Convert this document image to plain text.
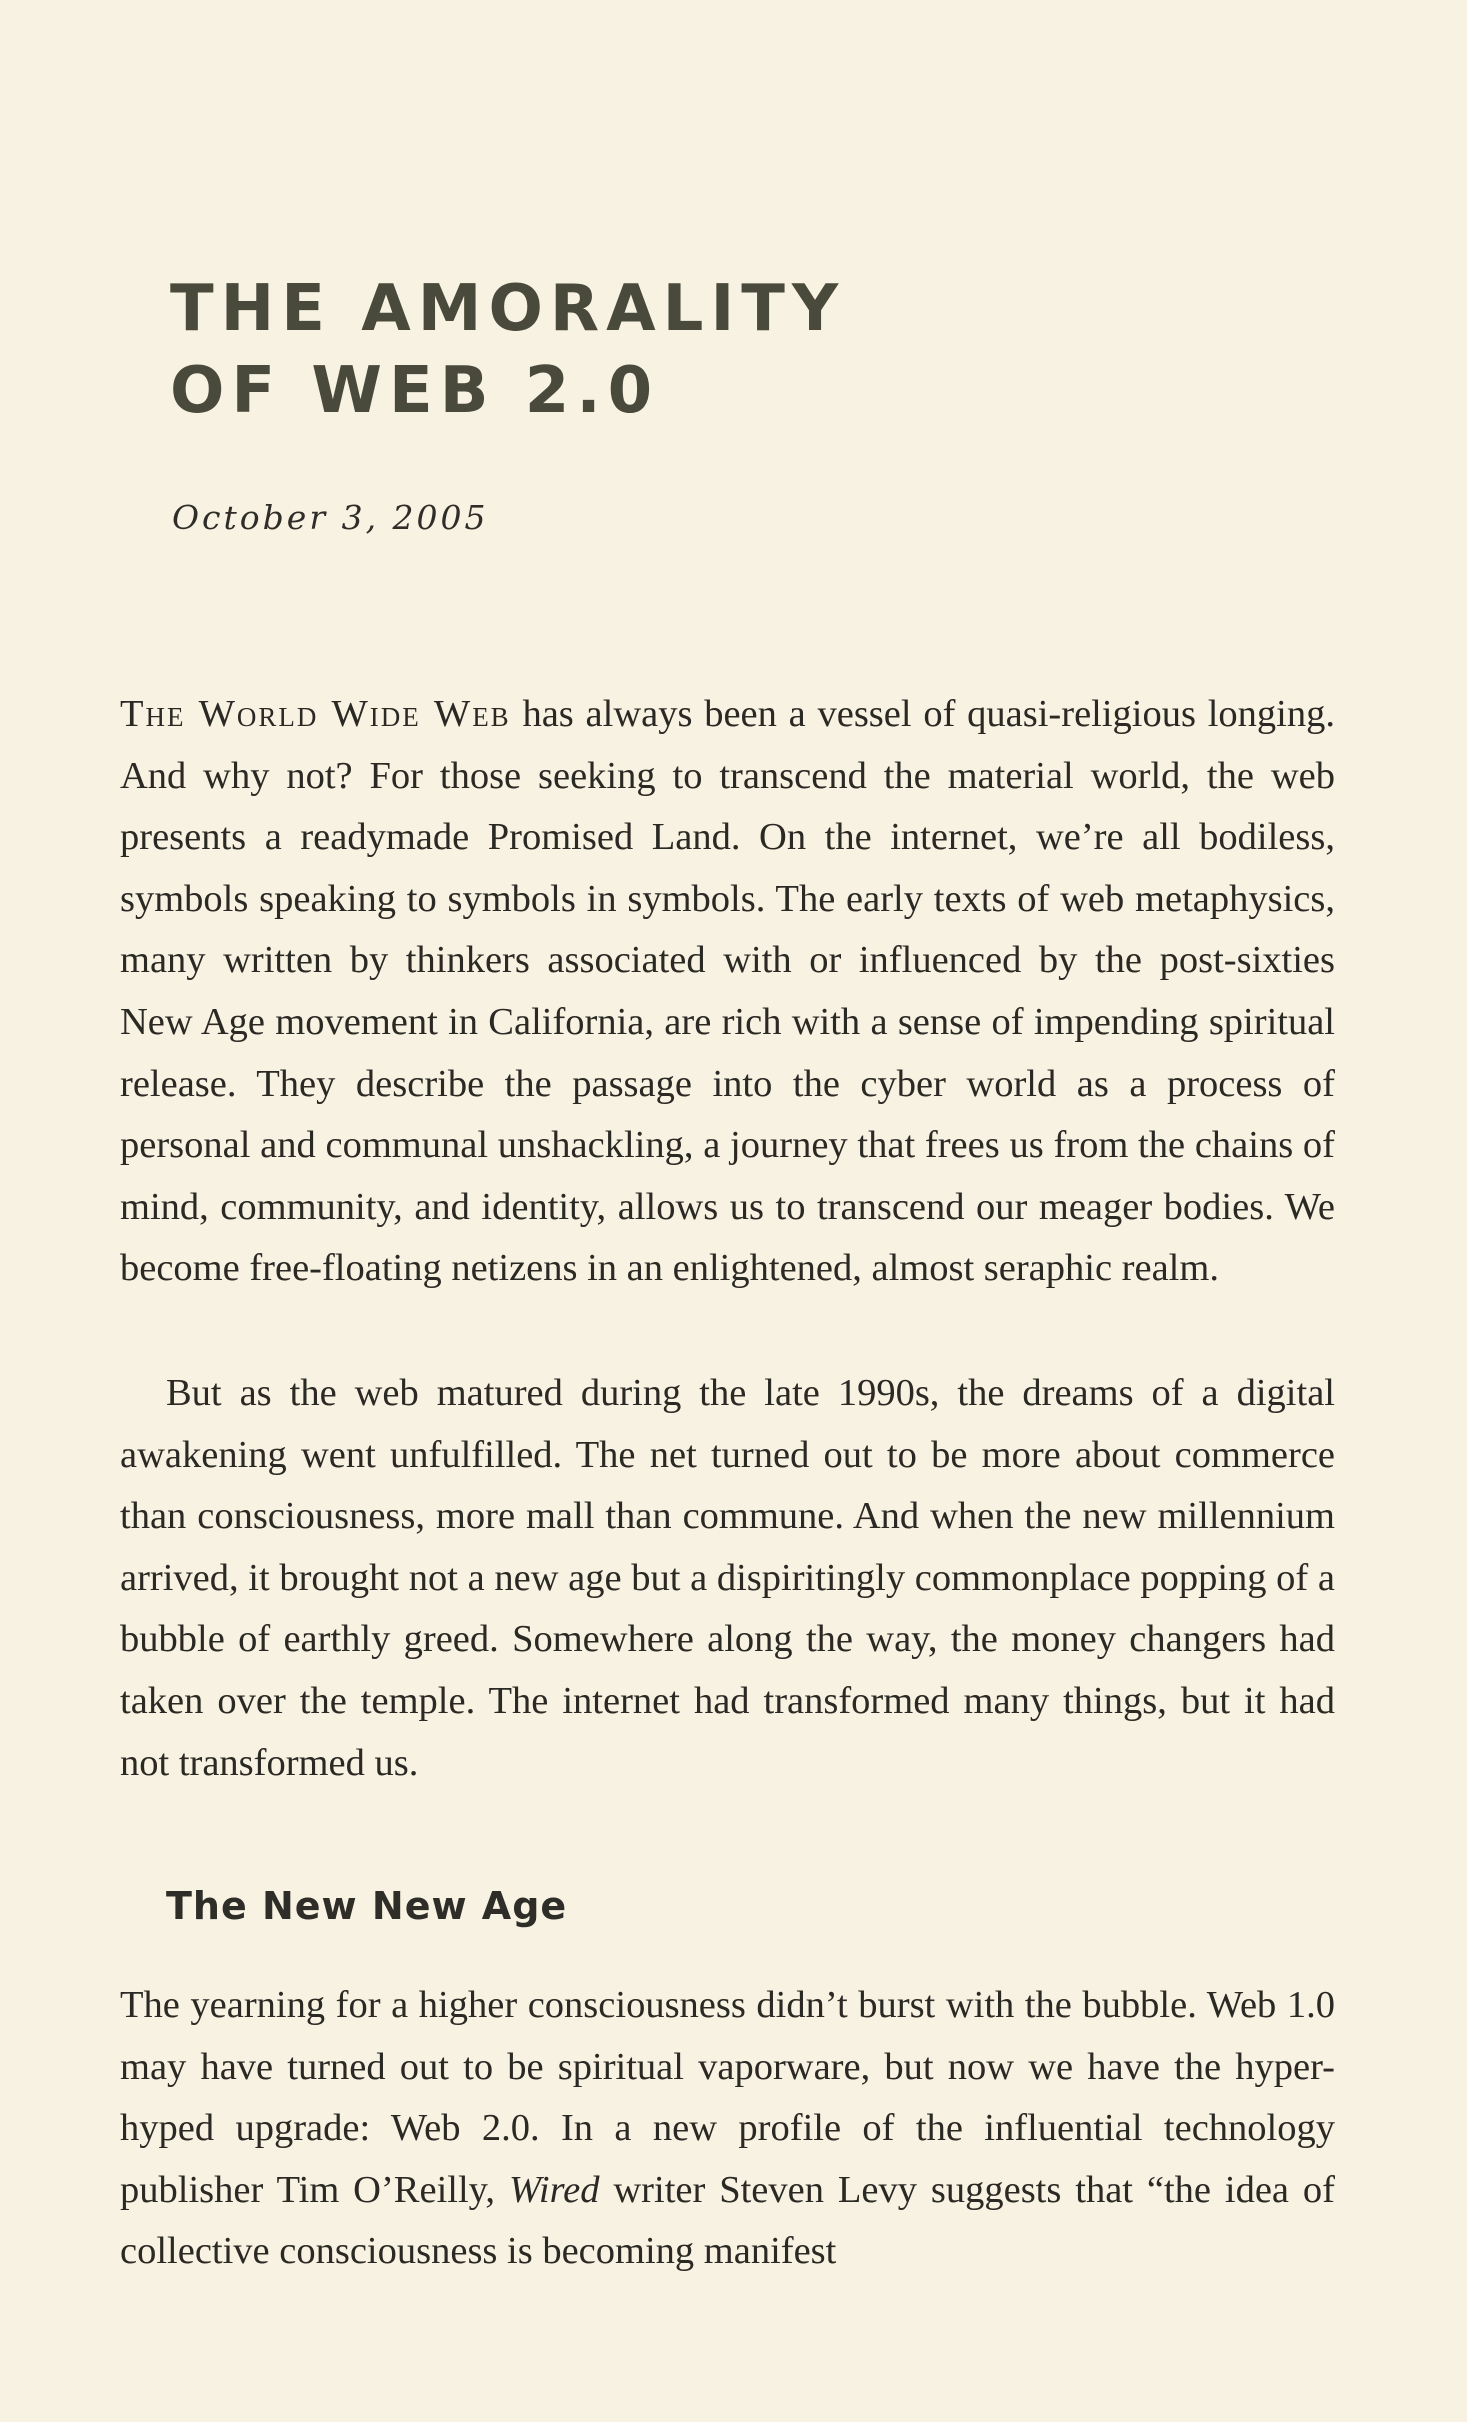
THE AMORALITY
OF WEB 2.0

October 3, 2005

The World Wide Web has always been a vessel of quasi-religious longing. And why not? For those seeking to transcend the material world, the web presents a readymade Promised Land. On the internet, we’re all bodiless, symbols speaking to symbols in symbols. The early texts of web metaphysics, many written by thinkers associated with or influenced by the post-sixties New Age movement in California, are rich with a sense of impending spiritual release. They describe the passage into the cyber world as a process of personal and communal unshackling, a journey that frees us from the chains of mind, community, and identity, allows us to transcend our meager bodies. We become free-floating netizens in an enlightened, almost seraphic realm.

But as the web matured during the late 1990s, the dreams of a digital awakening went unfulfilled. The net turned out to be more about commerce than consciousness, more mall than commune. And when the new millennium arrived, it brought not a new age but a dispiritingly commonplace popping of a bubble of earthly greed. Somewhere along the way, the money changers had taken over the temple. The internet had transformed many things, but it had not transformed us.

The New New Age

The yearning for a higher consciousness didn’t burst with the bubble. Web 1.0 may have turned out to be spiritual vaporware, but now we have the hyper-hyped upgrade: Web 2.0. In a new profile of the influential technology publisher Tim O’Reilly, Wired writer Steven Levy suggests that “the idea of collective consciousness is becoming manifest
